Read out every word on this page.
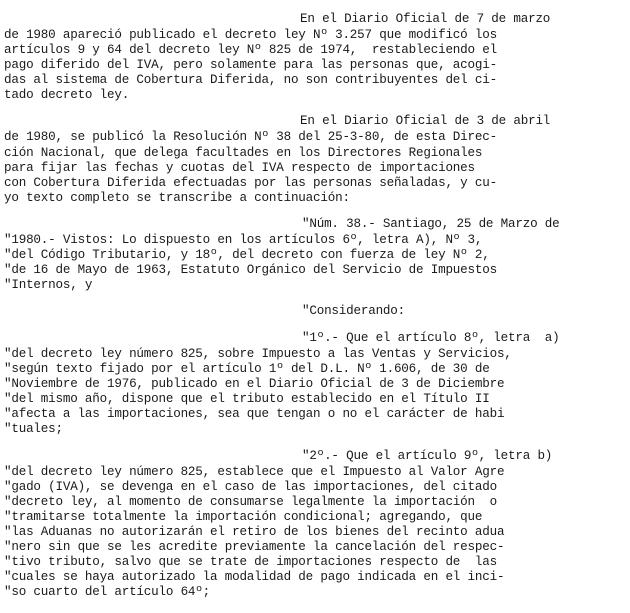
En el Diario Oficial de 7 de marzo
de 1980 apareció publicado el decreto ley Nº 3.257 que modificó los
artículos 9 y 64 del decreto ley Nº 825 de 1974,  restableciendo el
pago diferido del IVA, pero solamente para las personas que, acogi-
das al sistema de Cobertura Diferida, no son contribuyentes del ci-
tado decreto ley.
En el Diario Oficial de 3 de abril
de 1980, se publicó la Resolución Nº 38 del 25-3-80, de esta Direc-
ción Nacional, que delega facultades en los Directores Regionales
para fijar las fechas y cuotas del IVA respecto de importaciones
con Cobertura Diferida efectuadas por las personas señaladas, y cu-
yo texto completo se transcribe a continuación:
"Núm. 38.- Santiago, 25 de Marzo de
"1980.- Vistos: Lo dispuesto en los artículos 6º, letra A), Nº 3,
"del Código Tributario, y 18º, del decreto con fuerza de ley Nº 2,
"de 16 de Mayo de 1963, Estatuto Orgánico del Servicio de Impuestos
"Internos, y
"Considerando:
"1º.- Que el artículo 8º, letra  a)
"del decreto ley número 825, sobre Impuesto a las Ventas y Servicios,
"según texto fijado por el artículo 1º del D.L. Nº 1.606, de 30 de
"Noviembre de 1976, publicado en el Diario Oficial de 3 de Diciembre
"del mismo año, dispone que el tributo establecido en el Título II
"afecta a las importaciones, sea que tengan o no el carácter de habi
"tuales;
"2º.- Que el artículo 9º, letra b)
"del decreto ley número 825, establece que el Impuesto al Valor Agre
"gado (IVA), se devenga en el caso de las importaciones, del citado
"decreto ley, al momento de consumarse legalmente la importación  o
"tramitarse totalmente la importación condicional; agregando, que
"las Aduanas no autorizarán el retiro de los bienes del recinto adua
"nero sin que se les acredite previamente la cancelación del respec-
"tivo tributo, salvo que se trate de importaciones respecto de  las
"cuales se haya autorizado la modalidad de pago indicada en el inci-
"so cuarto del artículo 64º;
